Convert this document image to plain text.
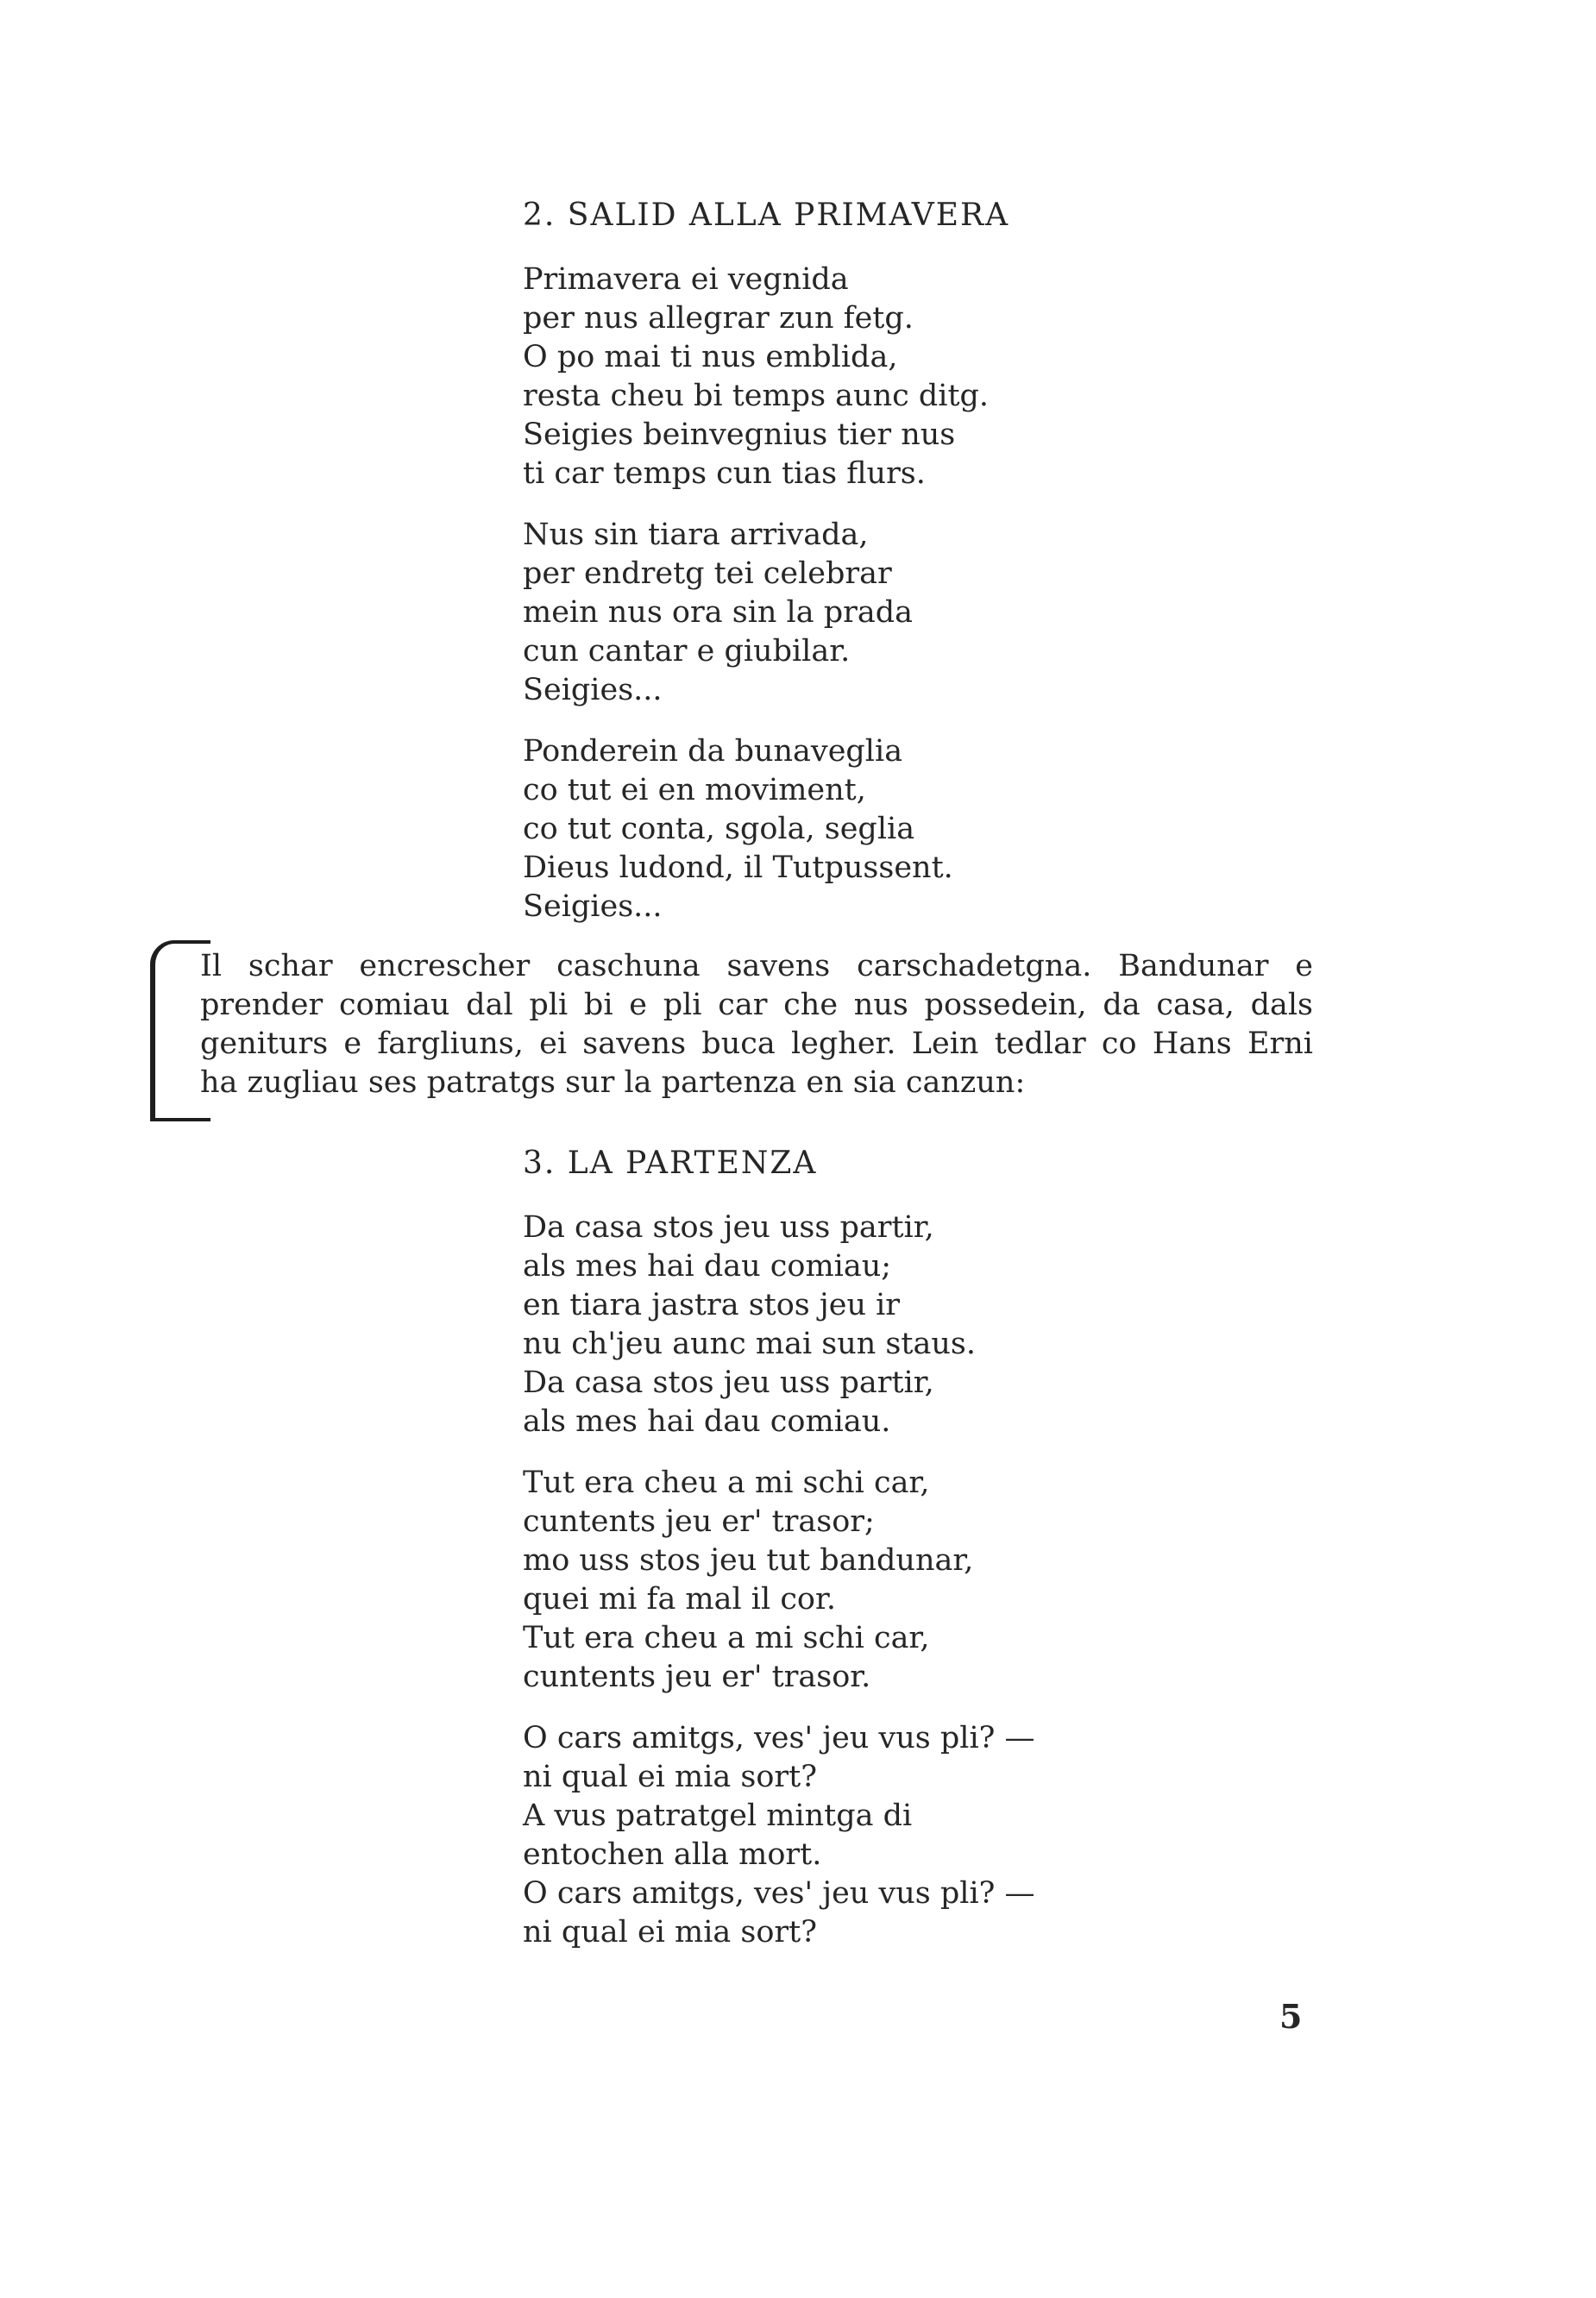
2. SALID ALLA PRIMAVERA
Primavera ei vegnida
per nus allegrar zun fetg.
O po mai ti nus emblida,
resta cheu bi temps aunc ditg.
Seigies beinvegnius tier nus
ti car temps cun tias flurs.
Nus sin tiara arrivada,
per endretg tei celebrar
mein nus ora sin la prada
cun cantar e giubilar.
Seigies...
Ponderein da bunaveglia
co tut ei en moviment,
co tut conta, sgola, seglia
Dieus ludond, il Tutpussent.
Seigies...
Il schar encrescher caschuna savens carschadetgna. Bandunar e
prender comiau dal pli bi e pli car che nus possedein, da casa, dals
geniturs e fargliuns, ei savens buca legher. Lein tedlar co Hans Erni
ha zugliau ses patratgs sur la partenza en sia canzun:
3. LA PARTENZA
Da casa stos jeu uss partir,
als mes hai dau comiau;
en tiara jastra stos jeu ir
nu ch'jeu aunc mai sun staus.
Da casa stos jeu uss partir,
als mes hai dau comiau.
Tut era cheu a mi schi car,
cuntents jeu er' trasor;
mo uss stos jeu tut bandunar,
quei mi fa mal il cor.
Tut era cheu a mi schi car,
cuntents jeu er' trasor.
O cars amitgs, ves' jeu vus pli? —
ni qual ei mia sort?
A vus patratgel mintga di
entochen alla mort.
O cars amitgs, ves' jeu vus pli? —
ni qual ei mia sort?
5
